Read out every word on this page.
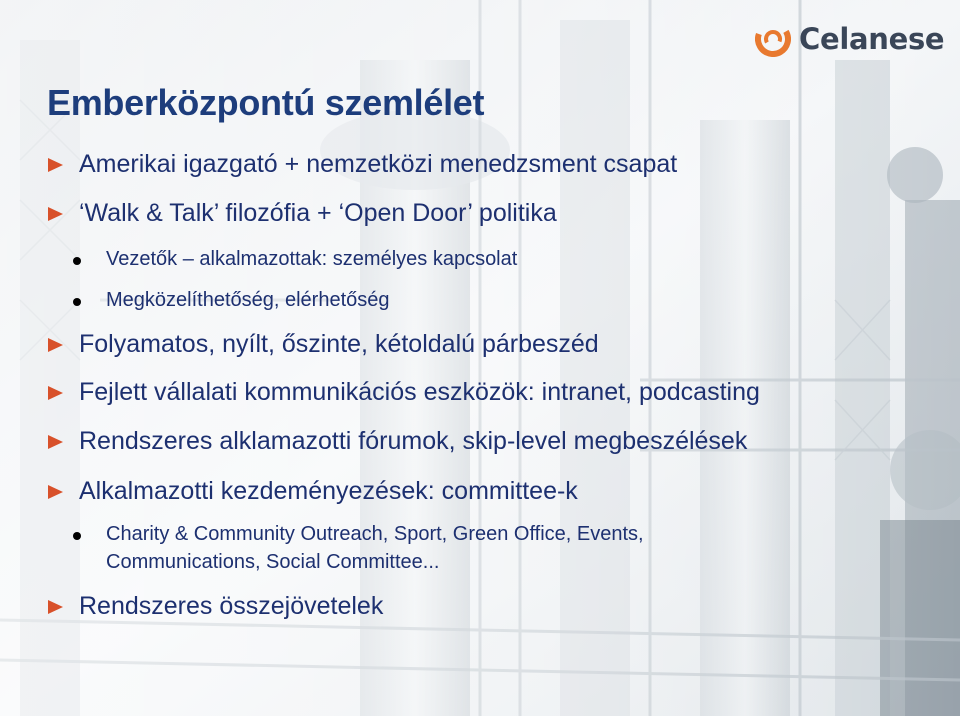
Celanese
Emberközpontú szemlélet
Amerikai igazgató + nemzetközi menedzsment csapat
‘Walk & Talk’ filozófia + ‘Open Door’ politika
Vezetők – alkalmazottak: személyes kapcsolat
Megközelíthetőség, elérhetőség
Folyamatos, nyílt, őszinte, kétoldalú párbeszéd
Fejlett vállalati kommunikációs eszközök: intranet, podcasting
Rendszeres alklamazotti fórumok, skip-level megbeszélések
Alkalmazotti kezdeményezések: committee-k
Charity & Community Outreach, Sport, Green Office, Events,
Communications, Social Committee...
Rendszeres összejövetelek
